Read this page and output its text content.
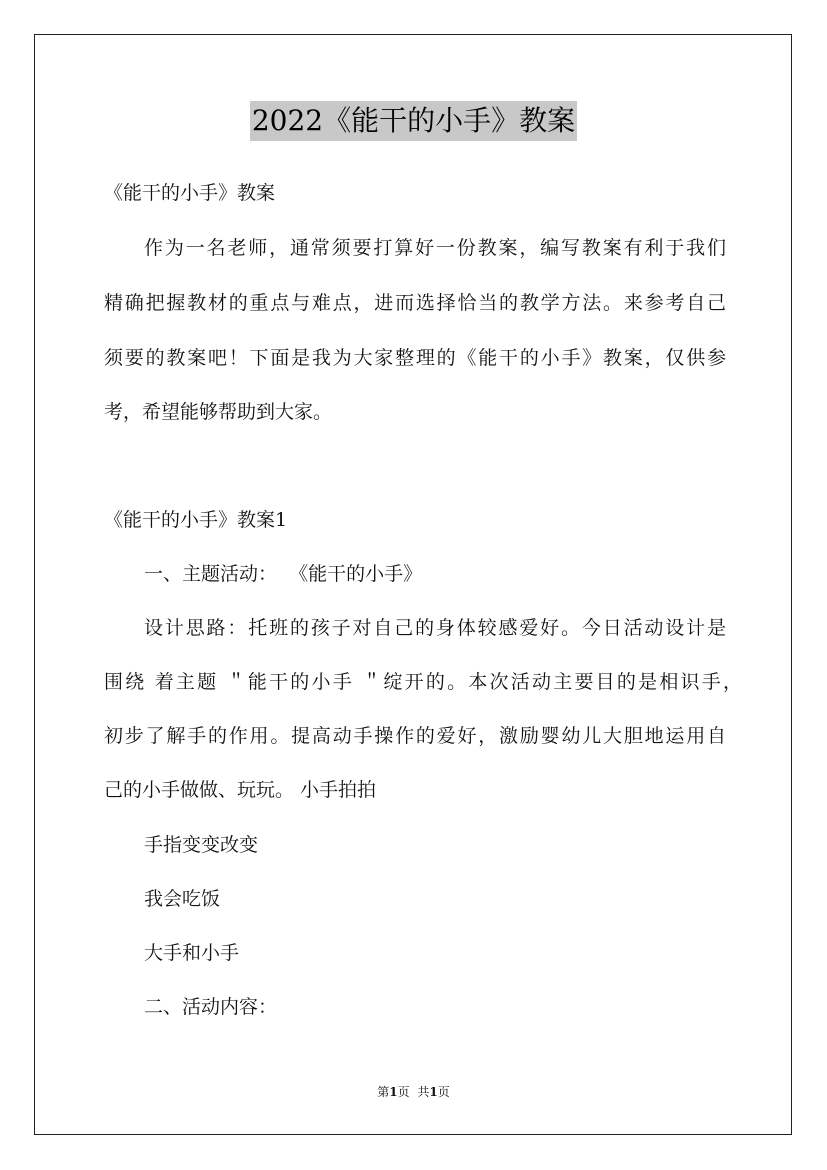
2022《能干的小手》教案
《能干的小手》教案
作为一名老师，通常须要打算好一份教案，编写教案有利于我们
精确把握教材的重点与难点，进而选择恰当的教学方法。来参考自己
须要的教案吧！下面是我为大家整理的《能干的小手》教案，仅供参
考，希望能够帮助到大家。
《能干的小手》教案1
一、主题活动：  《能干的小手》
设计思路：托班的孩子对自己的身体较感爱好。今日活动设计是
围绕 着主题 ＂能干的小手 ＂绽开的。本次活动主要目的是相识手，
初步了解手的作用。提高动手操作的爱好，激励婴幼儿大胆地运用自
己的小手做做、玩玩。 小手拍拍
手指变变改变
我会吃饭
大手和小手
二、活动内容：
第1页 共1页
